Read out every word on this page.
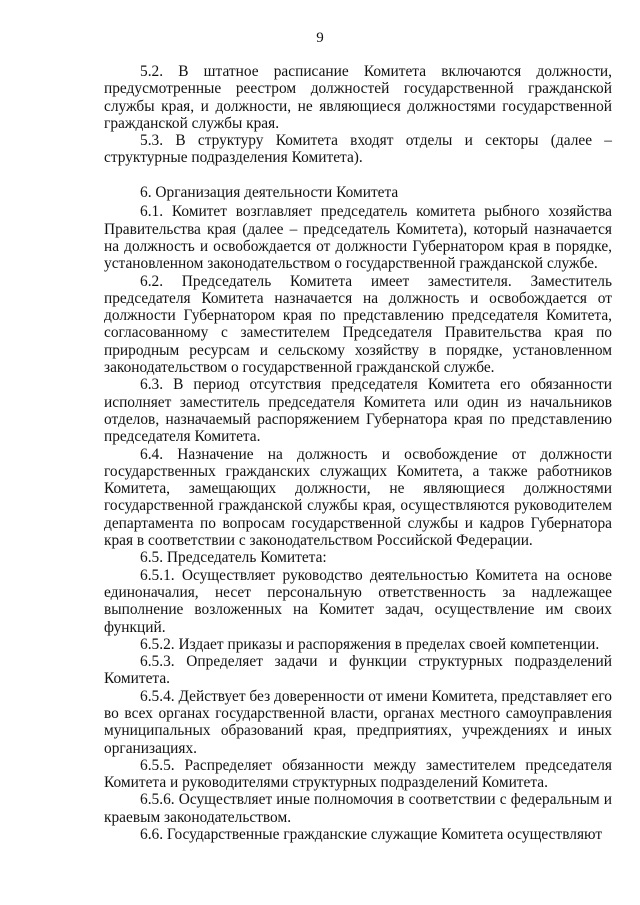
9

5.2. В штатное расписание Комитета включаются должности, предусмотренные реестром должностей государственной гражданской службы края, и должности, не являющиеся должностями государственной гражданской службы края.

5.3. В структуру Комитета входят отделы и секторы (далее – структурные подразделения Комитета).

6. Организация деятельности Комитета

6.1. Комитет возглавляет председатель комитета рыбного хозяйства Правительства края (далее – председатель Комитета), который назначается на должность и освобождается от должности Губернатором края в порядке, установленном законодательством о государственной гражданской службе.

6.2. Председатель Комитета имеет заместителя. Заместитель председателя Комитета назначается на должность и освобождается от должности Губернатором края по представлению председателя Комитета, согласованному с заместителем Председателя Правительства края по природным ресурсам и сельскому хозяйству в порядке, установленном законодательством о государственной гражданской службе.

6.3. В период отсутствия председателя Комитета его обязанности исполняет заместитель председателя Комитета или один из начальников отделов, назначаемый распоряжением Губернатора края по представлению председателя Комитета.

6.4. Назначение на должность и освобождение от должности государственных гражданских служащих Комитета, а также работников Комитета, замещающих должности, не являющиеся должностями государственной гражданской службы края, осуществляются руководителем департамента по вопросам государственной службы и кадров Губернатора края в соответствии с законодательством Российской Федерации.

6.5. Председатель Комитета:

6.5.1. Осуществляет руководство деятельностью Комитета на основе единоначалия, несет персональную ответственность за надлежащее выполнение возложенных на Комитет задач, осуществление им своих функций.

6.5.2. Издает приказы и распоряжения в пределах своей компетенции.

6.5.3. Определяет задачи и функции структурных подразделений Комитета.

6.5.4. Действует без доверенности от имени Комитета, представляет его во всех органах государственной власти, органах местного самоуправления муниципальных образований края, предприятиях, учреждениях и иных организациях.

6.5.5. Распределяет обязанности между заместителем председателя Комитета и руководителями структурных подразделений Комитета.

6.5.6. Осуществляет иные полномочия в соответствии с федеральным и краевым законодательством.

6.6. Государственные гражданские служащие Комитета осуществляют
